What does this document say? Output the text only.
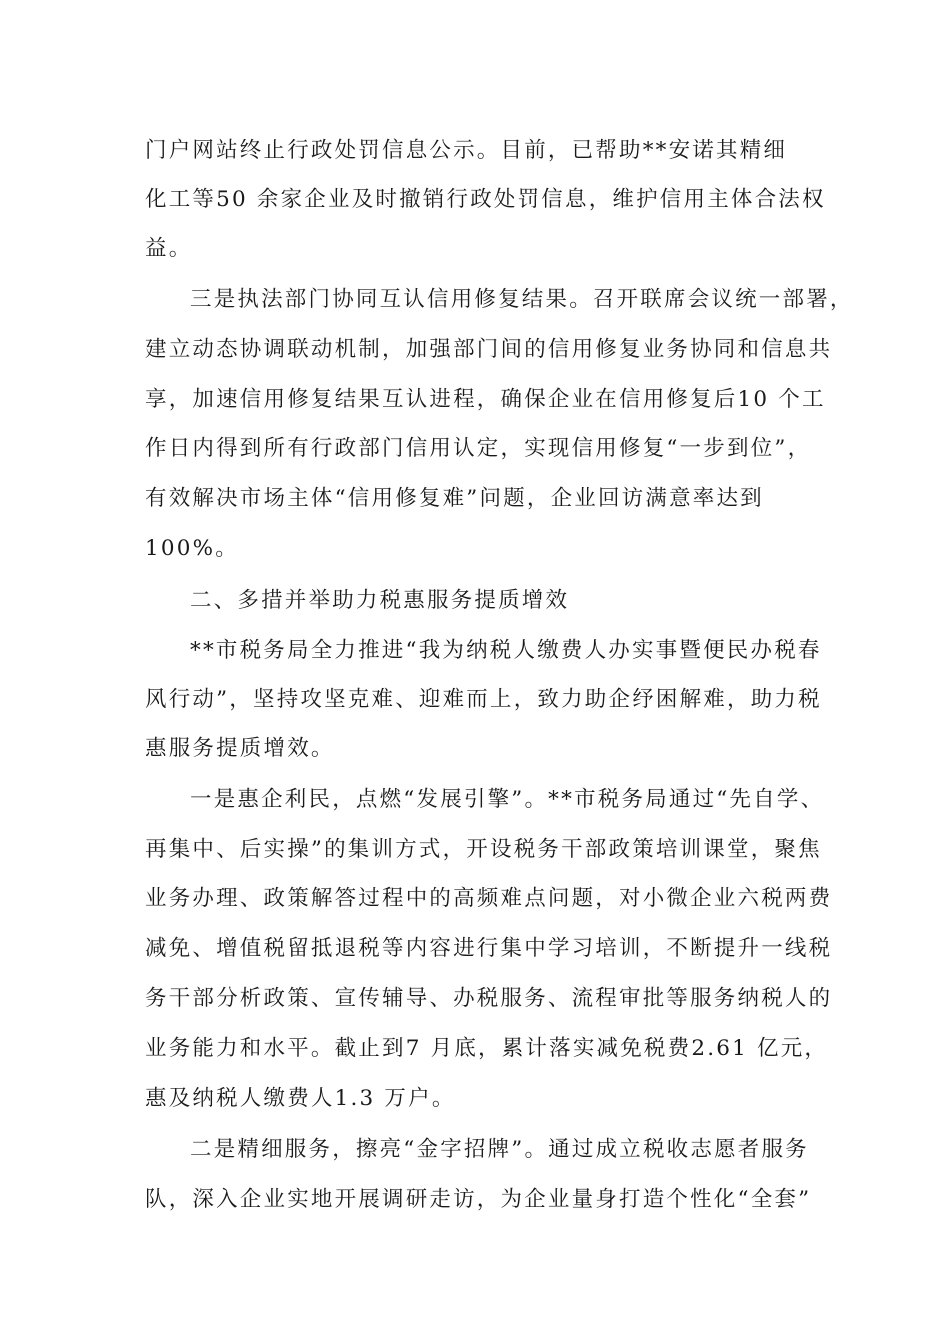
门户网站终止行政处罚信息公示。目前，已帮助**安诺其精细
化工等50 余家企业及时撤销行政处罚信息，维护信用主体合法权
益。
三是执法部门协同互认信用修复结果。召开联席会议统一部署，
建立动态协调联动机制，加强部门间的信用修复业务协同和信息共
享，加速信用修复结果互认进程，确保企业在信用修复后10 个工
作日内得到所有行政部门信用认定，实现信用修复“一步到位”，
有效解决市场主体“信用修复难”问题，企业回访满意率达到
100%。
二、多措并举助力税惠服务提质增效
**市税务局全力推进“我为纳税人缴费人办实事暨便民办税春
风行动”，坚持攻坚克难、迎难而上，致力助企纾困解难，助力税
惠服务提质增效。
一是惠企利民，点燃“发展引擎”。**市税务局通过“先自学、
再集中、后实操”的集训方式，开设税务干部政策培训课堂，聚焦
业务办理、政策解答过程中的高频难点问题，对小微企业六税两费
减免、增值税留抵退税等内容进行集中学习培训，不断提升一线税
务干部分析政策、宣传辅导、办税服务、流程审批等服务纳税人的
业务能力和水平。截止到7 月底，累计落实减免税费2.61 亿元，
惠及纳税人缴费人1.3 万户。
二是精细服务，擦亮“金字招牌”。通过成立税收志愿者服务
队，深入企业实地开展调研走访，为企业量身打造个性化“全套”
